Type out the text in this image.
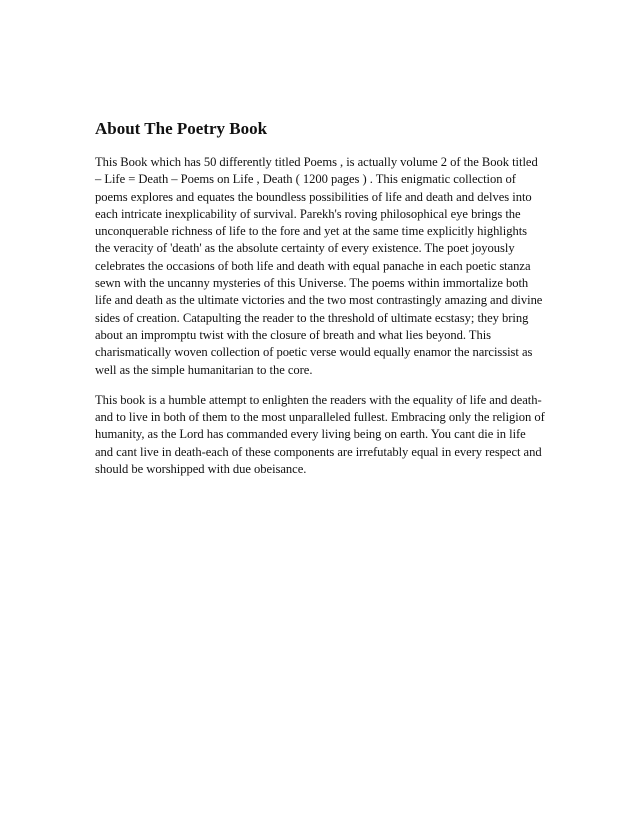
About The Poetry Book

This Book which has 50 differently titled Poems , is actually volume 2 of the Book titled – Life = Death – Poems on Life , Death ( 1200 pages ) . This enigmatic collection of poems explores and equates the boundless possibilities of life and death and delves into each intricate inexplicability of survival. Parekh's roving philosophical eye brings the unconquerable richness of life to the fore and yet at the same time explicitly highlights the veracity of 'death' as the absolute certainty of every existence. The poet joyously celebrates the occasions of both life and death with equal panache in each poetic stanza sewn with the uncanny mysteries of this Universe. The poems within immortalize both life and death as the ultimate victories and the two most contrastingly amazing and divine sides of creation. Catapulting the reader to the threshold of ultimate ecstasy; they bring about an impromptu twist with the closure of breath and what lies beyond. This charismatically woven collection of poetic verse would equally enamor the narcissist as well as the simple humanitarian to the core.

This book is a humble attempt to enlighten the readers with the equality of life and death-and to live in both of them to the most unparalleled fullest. Embracing only the religion of humanity, as the Lord has commanded every living being on earth. You cant die in life and cant live in death-each of these components are irrefutably equal in every respect and should be worshipped with due obeisance.
